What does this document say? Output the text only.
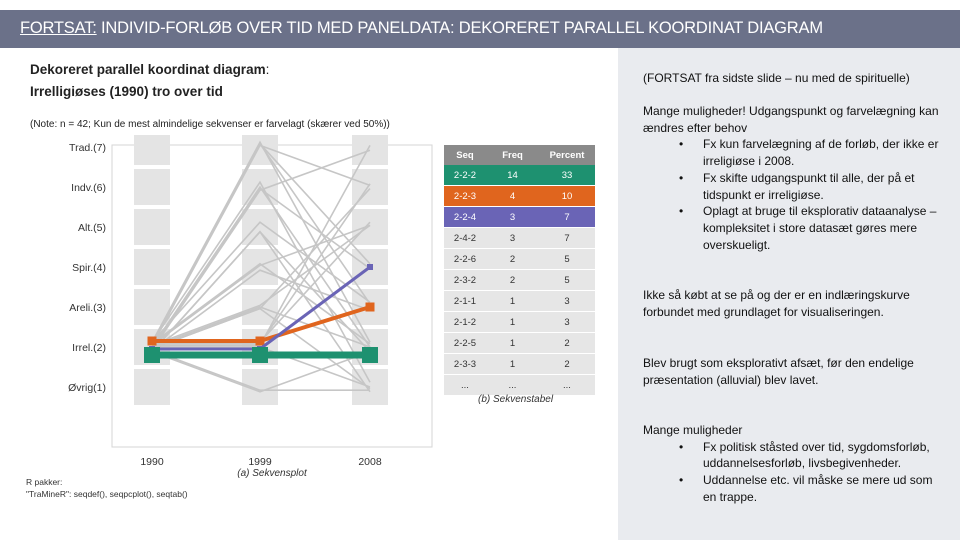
FORTSAT: INDIVID-FORLØB OVER TID MED PANELDATA: DEKORERET PARALLEL KOORDINAT DIAGRAM
(FORTSAT fra sidste slide – nu med de spirituelle)
Mange muligheder! Udgangspunkt og farvelægning kan ændres efter behov
• Fx kun farvelægning af de forløb, der ikke er irreligiøse i 2008.
• Fx skifte udgangspunkt til alle, der på et tidspunkt er irreligiøse.
• Oplagt at bruge til eksplorativ dataanalyse – kompleksitet i store datasæt gøres mere overskueligt.
Ikke så købt at se på og der er en indlæringskurve forbundet med grundlaget for visualiseringen.
Blev brugt som eksplorativt afsæt, før den endelige præsentation (alluvial) blev lavet.
Mange muligheder
• Fx politisk ståsted over tid, sygdomsforløb, uddannelsesforløb, livsbegivenheder.
• Uddannelse etc. vil måske se mere ud som en trappe.
Dekoreret parallel koordinat diagram:
Irrelligiøses (1990) tro over tid
(Note: n = 42; Kun de mest almindelige sekvenser er farvelagt (skærer ved 50%))
Øvrig(1)
Irrel.(2)
Areli.(3)
Spir.(4)
Alt.(5)
Indv.(6)
Trad.(7)
1990	1999	2008
(a) Sekvensplot
Seq	Freq	Percent
2-2-2	14	33
2-2-3	4	10
2-2-4	3	7
2-4-2	3	7
2-2-6	2	5
2-3-2	2	5
2-1-1	1	3
2-1-2	1	3
2-2-5	1	2
2-3-3	1	2
...	...	...
(b) Sekvenstabel
R pakker:
"TraMineR": seqdef(), seqpcplot(), seqtab()
